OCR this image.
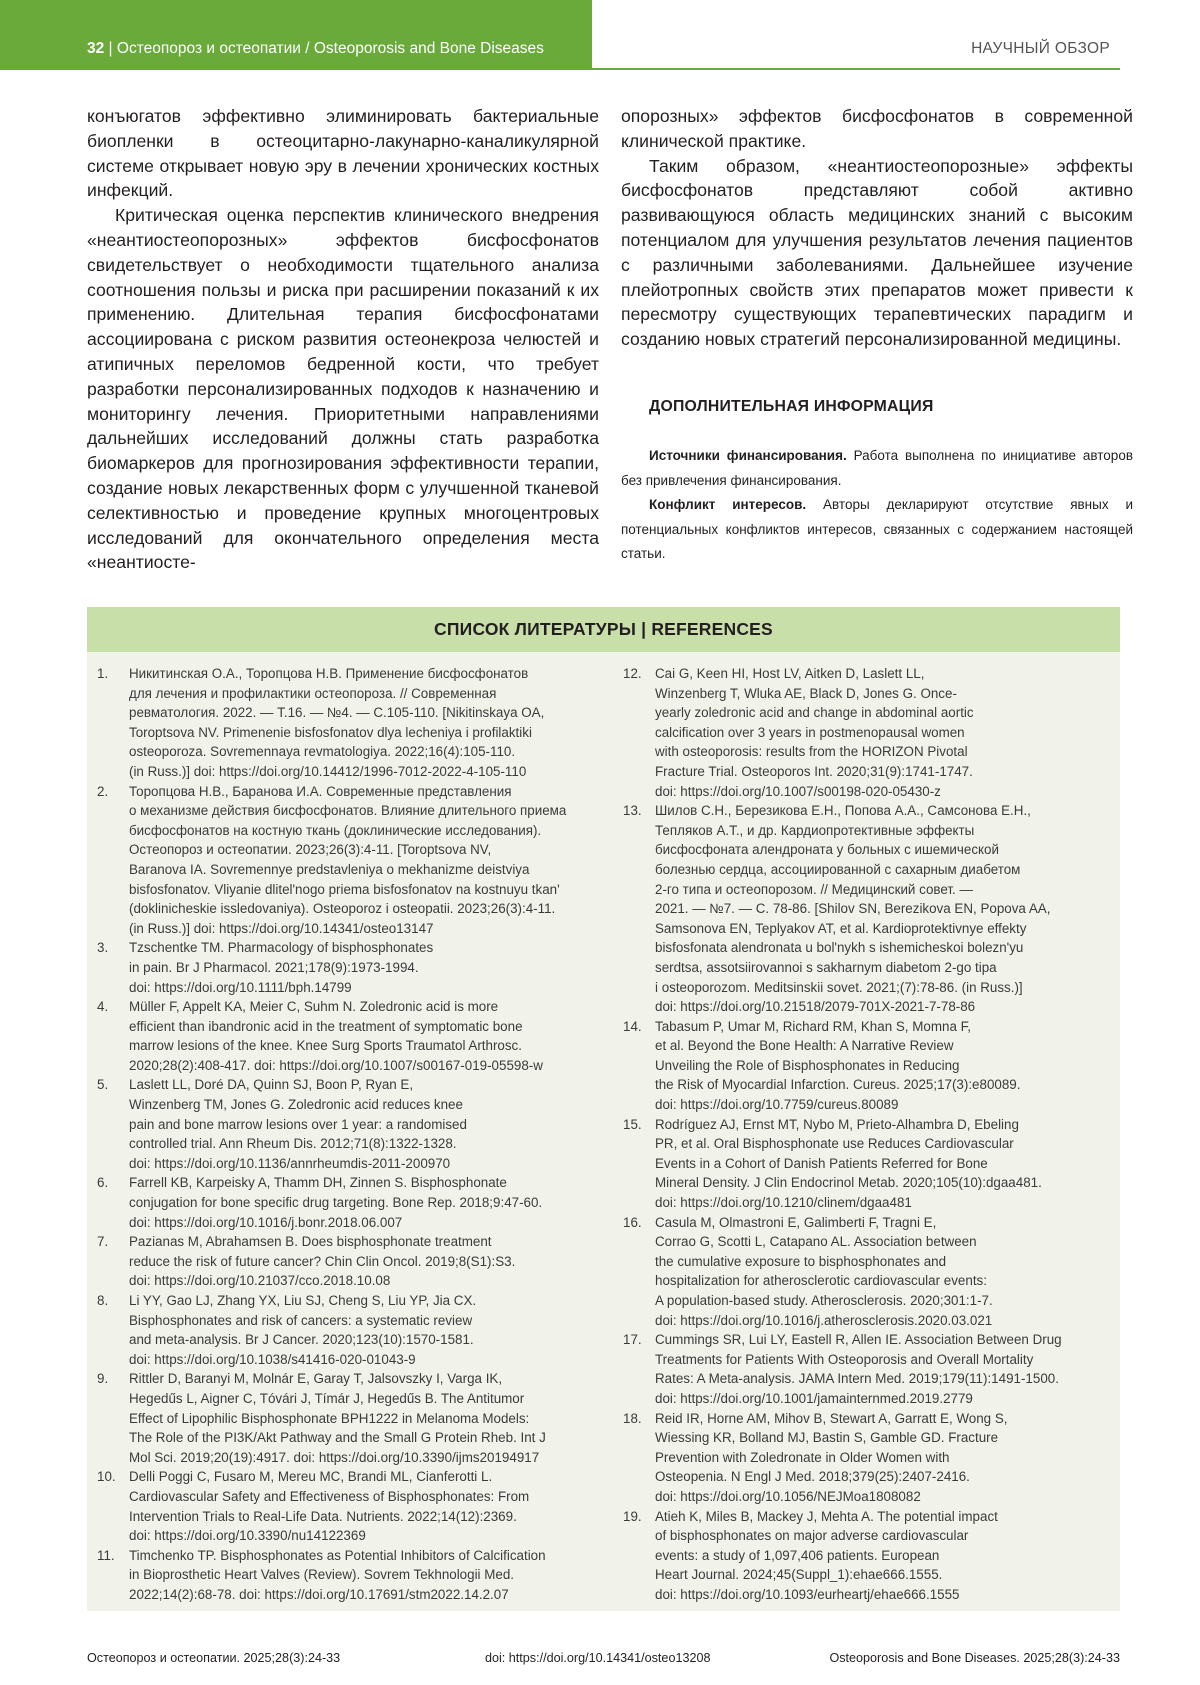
32 | Остеопороз и остеопатии / Osteoporosis and Bone Diseases	НАУЧНЫЙ ОБЗОР

конъюгатов эффективно элиминировать бактериальные биопленки в остеоцитарно-лакунарно-каналикулярной системе открывает новую эру в лечении хронических костных инфекций.

Критическая оценка перспектив клинического внедрения «неантиостеопорозных» эффектов бисфосфонатов свидетельствует о необходимости тщательного анализа соотношения пользы и риска при расширении показаний к их применению. Длительная терапия бисфосфонатами ассоциирована с риском развития остеонекроза челюстей и атипичных переломов бедренной кости, что требует разработки персонализированных подходов к назначению и мониторингу лечения. Приоритетными направлениями дальнейших исследований должны стать разработка биомаркеров для прогнозирования эффективности терапии, создание новых лекарственных форм с улучшенной тканевой селективностью и проведение крупных многоцентровых исследований для окончательного определения места «неантиосте-

опорозных» эффектов бисфосфонатов в современной клинической практике.

Таким образом, «неантиостеопорозные» эффекты бисфосфонатов представляют собой активно развивающуюся область медицинских знаний с высоким потенциалом для улучшения результатов лечения пациентов с различными заболеваниями. Дальнейшее изучение плейотропных свойств этих препаратов может привести к пересмотру существующих терапевтических парадигм и созданию новых стратегий персонализированной медицины.

ДОПОЛНИТЕЛЬНАЯ ИНФОРМАЦИЯ

Источники финансирования. Работа выполнена по инициативе авторов без привлечения финансирования.

Конфликт интересов. Авторы декларируют отсутствие явных и потенциальных конфликтов интересов, связанных с содержанием настоящей статьи.

СПИСОК ЛИТЕРАТУРЫ | REFERENCES
1.	Никитинская О.А., Торопцова Н.В. Применение бисфосфонатов
для лечения и профилактики остеопороза. // Современная
ревматология. 2022. — Т.16. — №4. — С.105-110. [Nikitinskaya OA,
Toroptsova NV. Primenenie bisfosfonatov dlya lecheniya i profilaktiki
osteoporoza. Sovremennaya revmatologiya. 2022;16(4):105-110.
(in Russ.)] doi: https://doi.org/10.14412/1996-7012-2022-4-105-110
2.	Торопцова Н.В., Баранова И.А. Современные представления
о механизме действия бисфосфонатов. Влияние длительного приема
бисфосфонатов на костную ткань (доклинические исследования).
Остеопороз и остеопатии. 2023;26(3):4-11. [Toroptsova NV,
Baranova IA. Sovremennye predstavleniya o mekhanizme deistviya
bisfosfonatov. Vliyanie dlitel'nogo priema bisfosfonatov na kostnuyu tkan'
(doklinicheskie issledovaniya). Osteoporoz i osteopatii. 2023;26(3):4-11.
(in Russ.)] doi: https://doi.org/10.14341/osteo13147
3.	Tzschentke TM. Pharmacology of bisphosphonates
in pain. Br J Pharmacol. 2021;178(9):1973-1994.
doi: https://doi.org/10.1111/bph.14799
4.	Müller F, Appelt KA, Meier C, Suhm N. Zoledronic acid is more
efficient than ibandronic acid in the treatment of symptomatic bone
marrow lesions of the knee. Knee Surg Sports Traumatol Arthrosc.
2020;28(2):408-417. doi: https://doi.org/10.1007/s00167-019-05598-w
5.	Laslett LL, Doré DA, Quinn SJ, Boon P, Ryan E,
Winzenberg TM, Jones G. Zoledronic acid reduces knee
pain and bone marrow lesions over 1 year: a randomised
controlled trial. Ann Rheum Dis. 2012;71(8):1322-1328.
doi: https://doi.org/10.1136/annrheumdis-2011-200970
6.	Farrell KB, Karpeisky A, Thamm DH, Zinnen S. Bisphosphonate
conjugation for bone specific drug targeting. Bone Rep. 2018;9:47-60.
doi: https://doi.org/10.1016/j.bonr.2018.06.007
7.	Pazianas M, Abrahamsen B. Does bisphosphonate treatment
reduce the risk of future cancer? Chin Clin Oncol. 2019;8(S1):S3.
doi: https://doi.org/10.21037/cco.2018.10.08
8.	Li YY, Gao LJ, Zhang YX, Liu SJ, Cheng S, Liu YP, Jia CX.
Bisphosphonates and risk of cancers: a systematic review
and meta-analysis. Br J Cancer. 2020;123(10):1570-1581.
doi: https://doi.org/10.1038/s41416-020-01043-9
9.	Rittler D, Baranyi M, Molnár E, Garay T, Jalsovszky I, Varga IK,
Hegedűs L, Aigner C, Tóvári J, Tímár J, Hegedűs B. The Antitumor
Effect of Lipophilic Bisphosphonate BPH1222 in Melanoma Models:
The Role of the PI3K/Akt Pathway and the Small G Protein Rheb. Int J
Mol Sci. 2019;20(19):4917. doi: https://doi.org/10.3390/ijms20194917
10. Delli Poggi C, Fusaro M, Mereu MC, Brandi ML, Cianferotti L.
Cardiovascular Safety and Effectiveness of Bisphosphonates: From
Intervention Trials to Real-Life Data. Nutrients. 2022;14(12):2369.
doi: https://doi.org/10.3390/nu14122369
11.	Timchenko TP. Bisphosphonates as Potential Inhibitors of Calcification
in Bioprosthetic Heart Valves (Review). Sovrem Tekhnologii Med.
2022;14(2):68-78. doi: https://doi.org/10.17691/stm2022.14.2.07
12. Cai G, Keen HI, Host LV, Aitken D, Laslett LL,
Winzenberg T, Wluka AE, Black D, Jones G. Once-
yearly zoledronic acid and change in abdominal aortic
calcification over 3 years in postmenopausal women
with osteoporosis: results from the HORIZON Pivotal
Fracture Trial. Osteoporos Int. 2020;31(9):1741-1747.
doi: https://doi.org/10.1007/s00198-020-05430-z
13. Шилов С.Н., Березикова Е.Н., Попова А.А., Самсонова Е.Н.,
Тепляков А.Т., и др. Кардиопротективные эффекты
бисфосфоната алендроната у больных с ишемической
болезнью сердца, ассоциированной с сахарным диабетом
2-го типа и остеопорозом. // Медицинский совет. —
2021. — №7. — С. 78-86. [Shilov SN, Berezikova EN, Popova AA,
Samsonova EN, Teplyakov AT, et al. Kardioprotektivnye effekty
bisfosfonata alendronata u bol'nykh s ishemicheskoi bolezn'yu
serdtsa, assotsiirovannoi s sakharnym diabetom 2-go tipa
i osteoporozom. Meditsinskii sovet. 2021;(7):78-86. (in Russ.)]
doi: https://doi.org/10.21518/2079-701X-2021-7-78-86
14. Tabasum P, Umar M, Richard RM, Khan S, Momna F,
et al. Beyond the Bone Health: A Narrative Review
Unveiling the Role of Bisphosphonates in Reducing
the Risk of Myocardial Infarction. Cureus. 2025;17(3):e80089.
doi: https://doi.org/10.7759/cureus.80089
15. Rodríguez AJ, Ernst MT, Nybo M, Prieto-Alhambra D, Ebeling
PR, et al. Oral Bisphosphonate use Reduces Cardiovascular
Events in a Cohort of Danish Patients Referred for Bone
Mineral Density. J Clin Endocrinol Metab. 2020;105(10):dgaa481.
doi: https://doi.org/10.1210/clinem/dgaa481
16. Casula M, Olmastroni E, Galimberti F, Tragni E,
Corrao G, Scotti L, Catapano AL. Association between
the cumulative exposure to bisphosphonates and
hospitalization for atherosclerotic cardiovascular events:
A population-based study. Atherosclerosis. 2020;301:1-7.
doi: https://doi.org/10.1016/j.atherosclerosis.2020.03.021
17. Cummings SR, Lui LY, Eastell R, Allen IE. Association Between Drug
Treatments for Patients With Osteoporosis and Overall Mortality
Rates: A Meta-analysis. JAMA Intern Med. 2019;179(11):1491-1500.
doi: https://doi.org/10.1001/jamainternmed.2019.2779
18. Reid IR, Horne AM, Mihov B, Stewart A, Garratt E, Wong S,
Wiessing KR, Bolland MJ, Bastin S, Gamble GD. Fracture
Prevention with Zoledronate in Older Women with
Osteopenia. N Engl J Med. 2018;379(25):2407-2416.
doi: https://doi.org/10.1056/NEJMoa1808082
19. Atieh K, Miles B, Mackey J, Mehta A. The potential impact
of bisphosphonates on major adverse cardiovascular
events: a study of 1,097,406 patients. European
Heart Journal. 2024;45(Suppl_1):ehae666.1555.
doi: https://doi.org/10.1093/eurheartj/ehae666.1555
Остеопороз и остеопатии. 2025;28(3):24-33	doi: https://doi.org/10.14341/osteo13208	Osteoporosis and Bone Diseases. 2025;28(3):24-33
